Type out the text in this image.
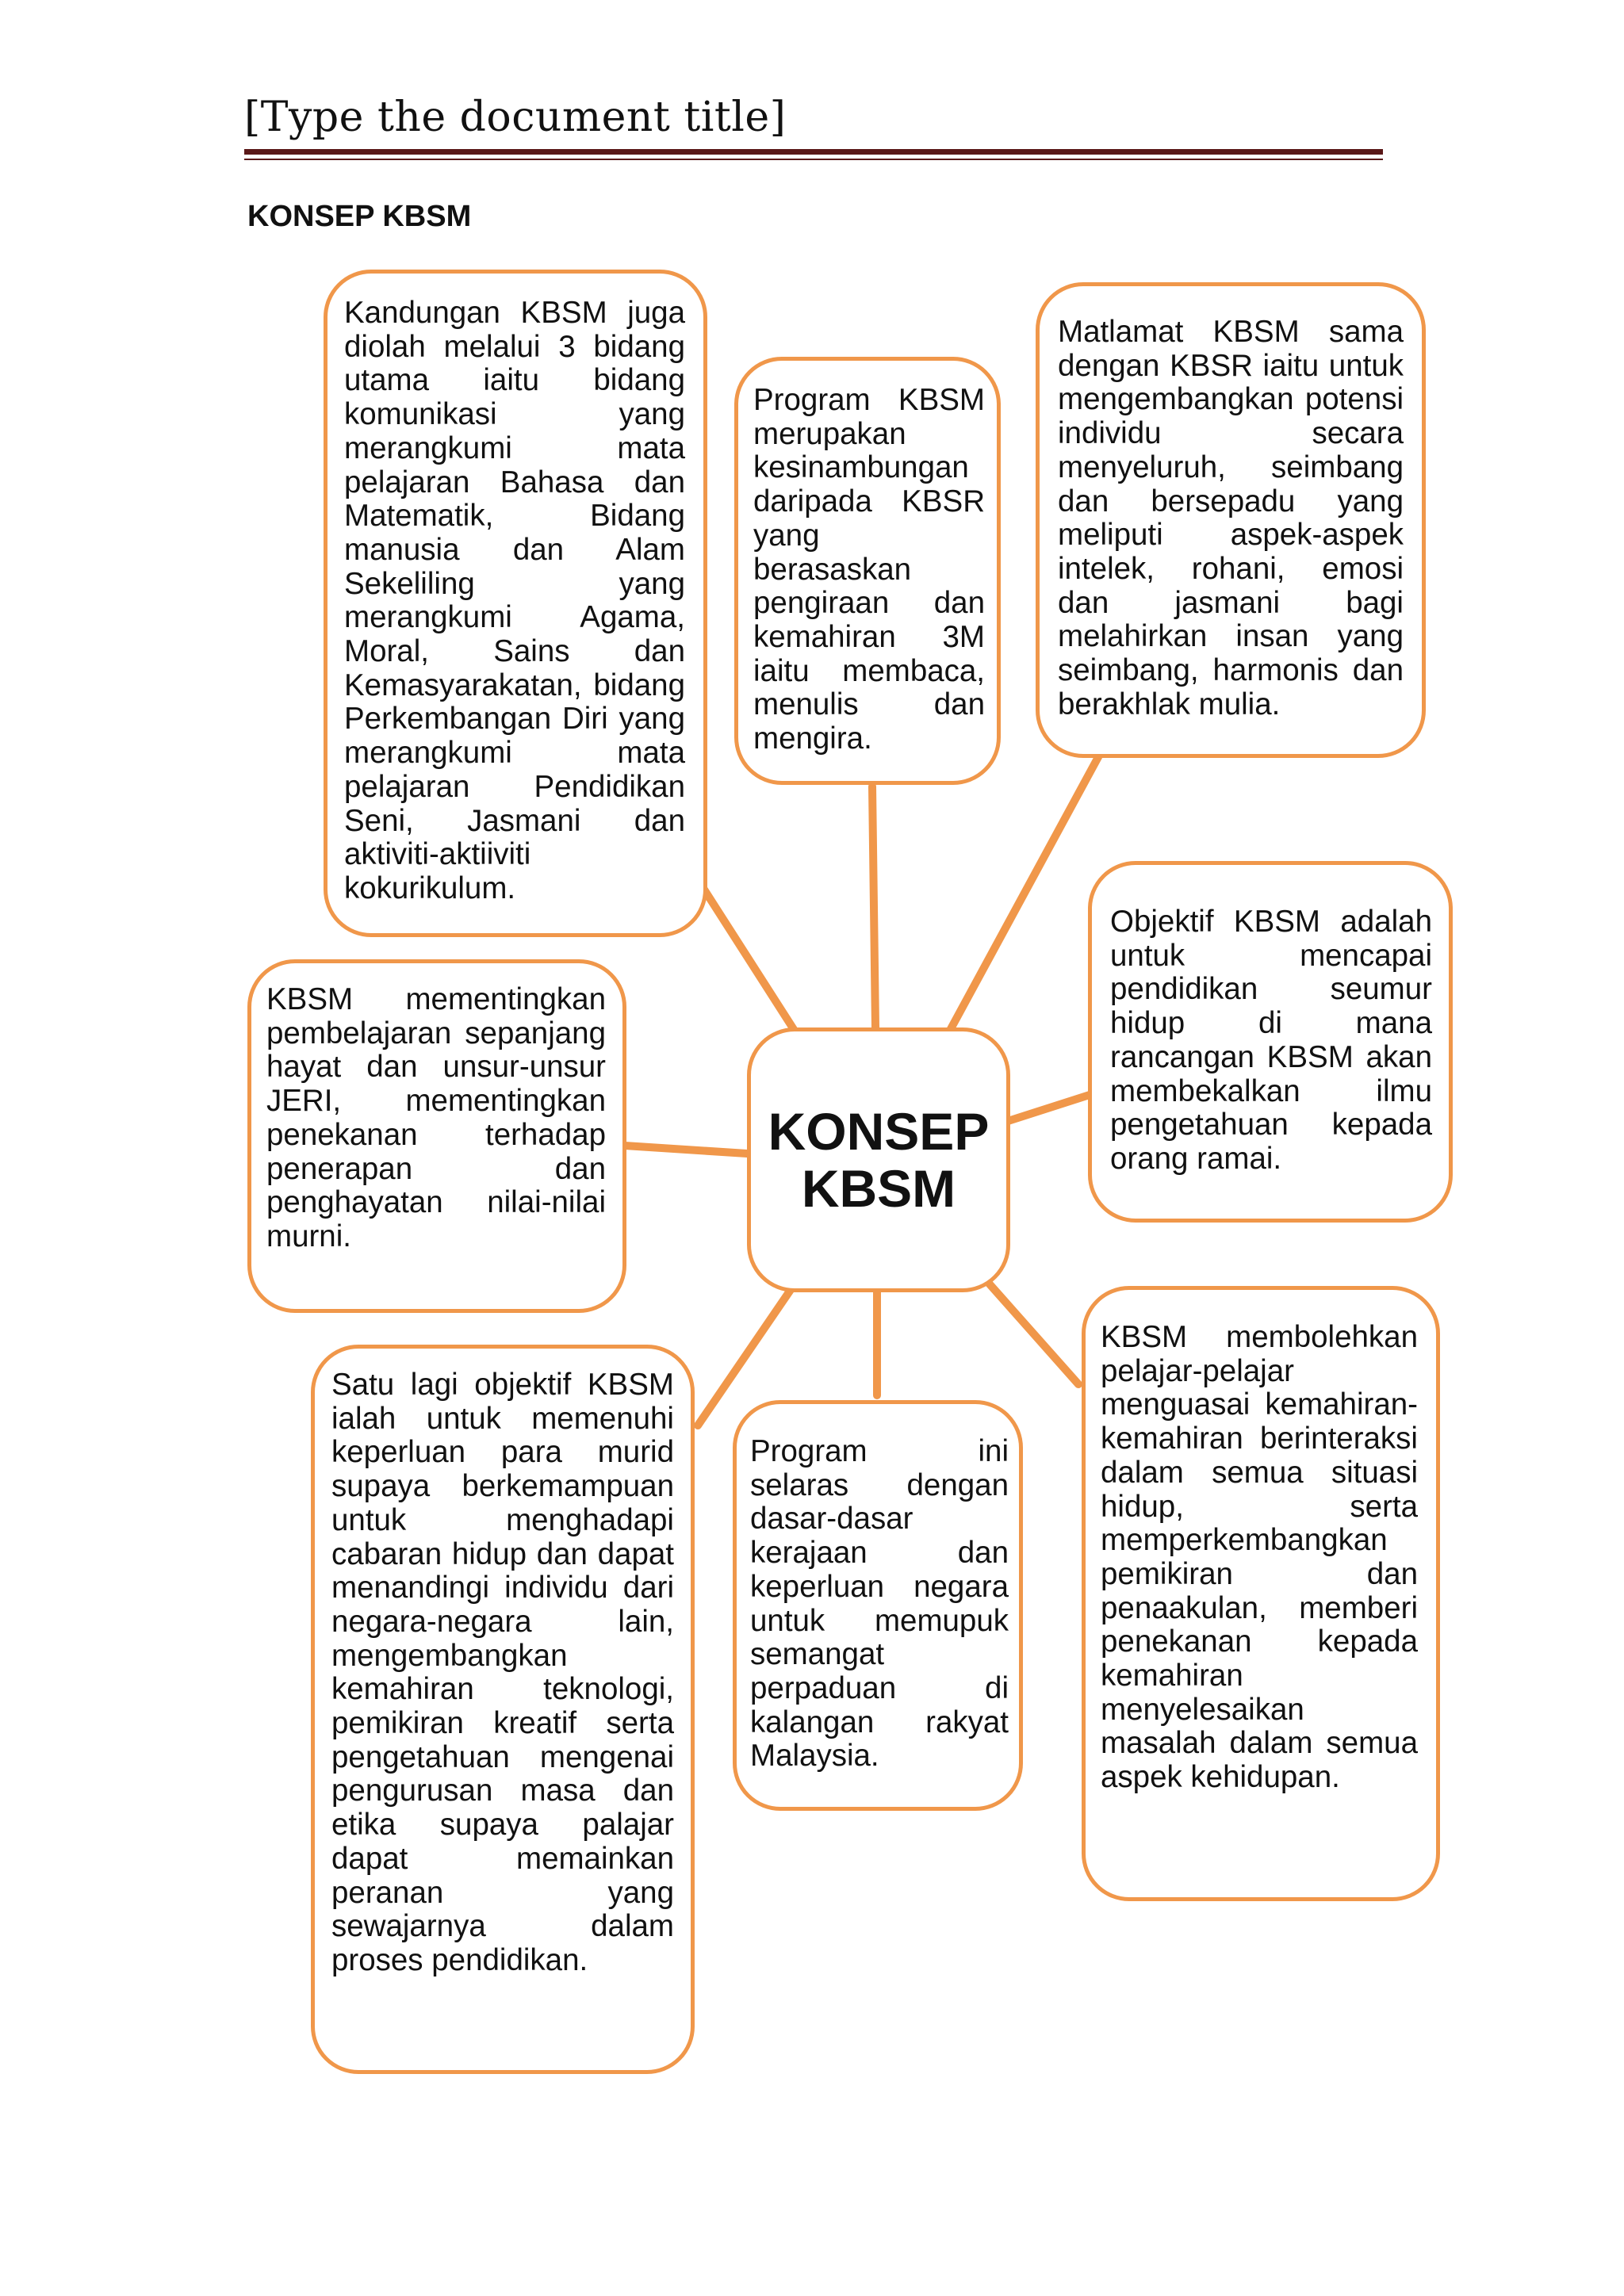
[Type the document title]
KONSEP KBSM
Kandungan KBSM juga diolah melalui 3 bidang utama iaitu bidang komunikasi yang merangkumi mata pelajaran Bahasa dan Matematik, Bidang manusia dan Alam Sekeliling yang merangkumi Agama, Moral, Sains dan Kemasyarakatan, bidang Perkembangan Diri yang merangkumi mata pelajaran Pendidikan Seni, Jasmani dan aktiviti-aktiiviti kokurikulum.
Program KBSM merupakan kesinambungan daripada KBSR yang berasaskan pengiraan dan kemahiran 3M iaitu membaca, menulis dan mengira.
Matlamat KBSM sama dengan KBSR iaitu untuk mengembangkan potensi individu secara menyeluruh, seimbang dan bersepadu yang meliputi aspek-aspek intelek, rohani, emosi dan jasmani bagi melahirkan insan yang seimbang, harmonis dan berakhlak mulia.
Objektif KBSM adalah untuk mencapai pendidikan seumur hidup di mana rancangan KBSM akan membekalkan ilmu pengetahuan kepada orang ramai.
KBSM mementingkan pembelajaran sepanjang hayat dan unsur-unsur JERI, mementingkan penekanan terhadap penerapan dan penghayatan nilai-nilai murni.
KONSEP
KBSM
Satu lagi objektif KBSM ialah untuk memenuhi keperluan para murid supaya berkemampuan untuk menghadapi cabaran hidup dan dapat menandingi individu dari negara-negara lain, mengembangkan kemahiran teknologi, pemikiran kreatif serta pengetahuan mengenai pengurusan masa dan etika supaya palajar dapat memainkan peranan yang sewajarnya dalam proses pendidikan.
Program ini selaras dengan dasar-dasar kerajaan dan keperluan negara untuk memupuk semangat perpaduan di kalangan rakyat Malaysia.
KBSM membolehkan pelajar-pelajar menguasai kemahiran-kemahiran berinteraksi dalam semua situasi hidup, serta memperkembangkan pemikiran dan penaakulan, memberi penekanan kepada kemahiran menyelesaikan masalah dalam semua aspek kehidupan.
